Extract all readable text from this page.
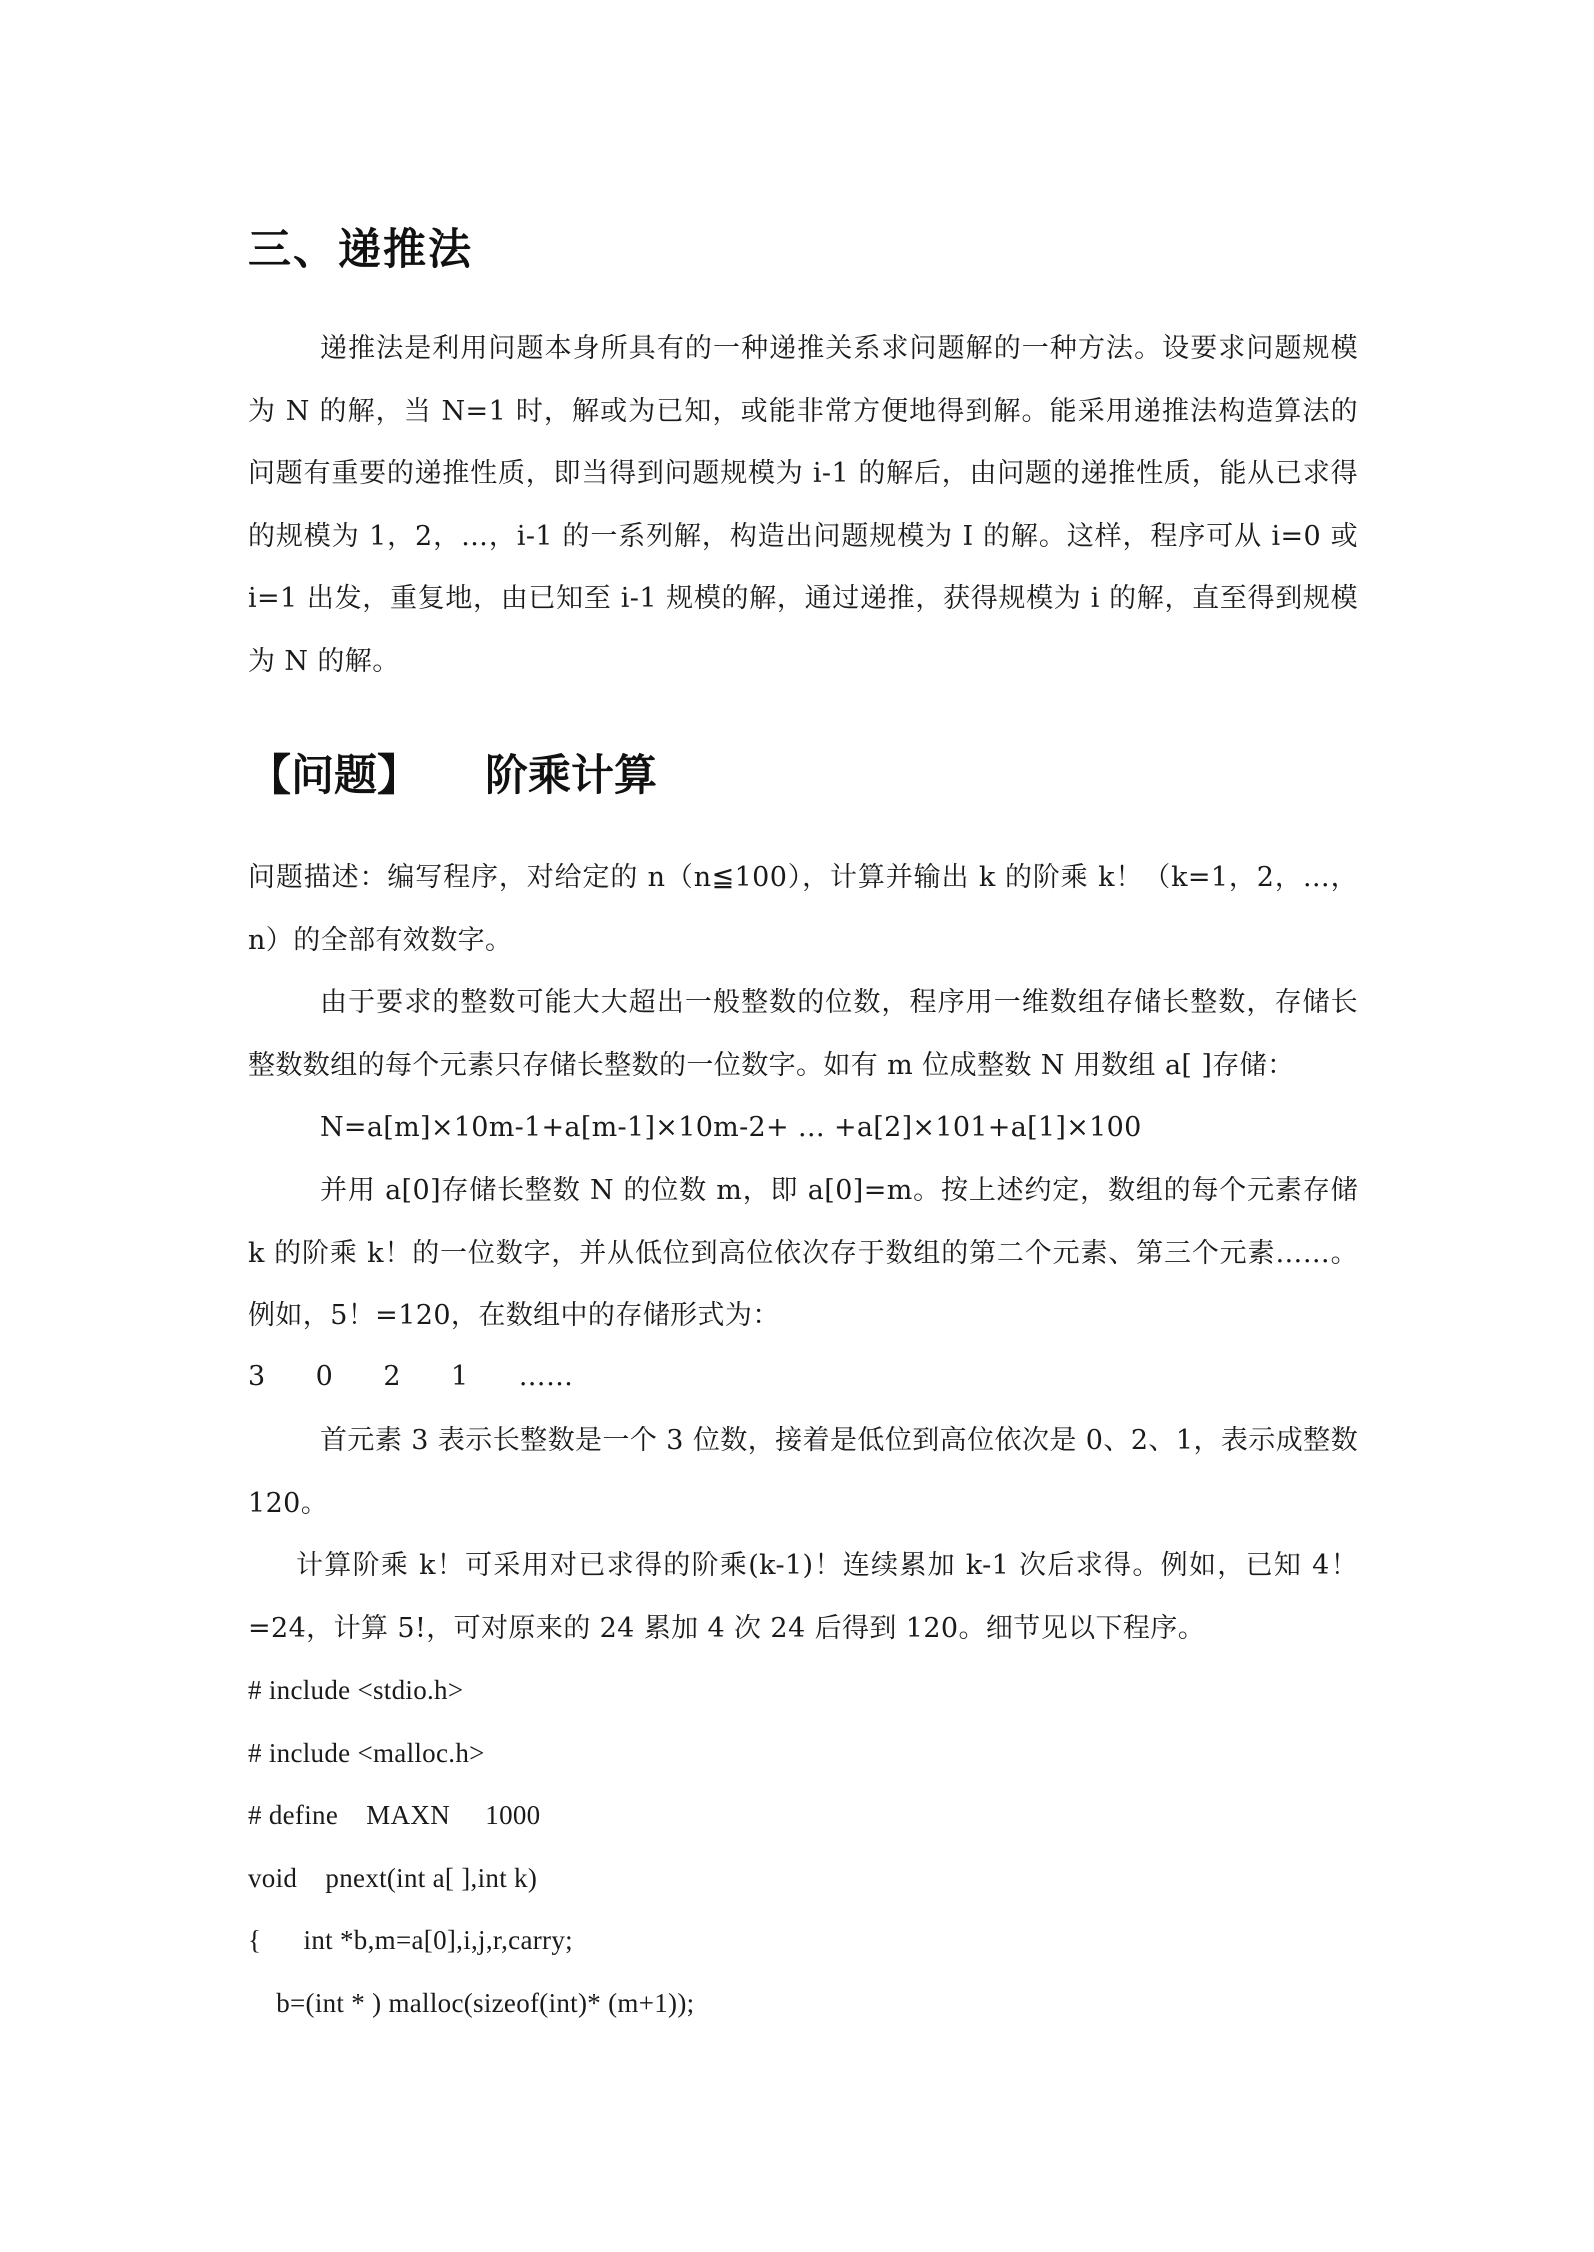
三、递推法
递推法是利用问题本身所具有的一种递推关系求问题解的一种方法。设要求问题规模为 N 的解，当 N=1 时，解或为已知，或能非常方便地得到解。能采用递推法构造算法的问题有重要的递推性质，即当得到问题规模为 i-1 的解后，由问题的递推性质，能从已求得的规模为 1，2，…，i-1 的一系列解，构造出问题规模为 I 的解。这样，程序可从 i=0 或 i=1 出发，重复地，由已知至 i-1 规模的解，通过递推，获得规模为 i 的解，直至得到规模为 N 的解。
【问题】 阶乘计算
问题描述：编写程序，对给定的 n（n≦100），计算并输出 k 的阶乘 k！（k=1，2，…，n）的全部有效数字。
由于要求的整数可能大大超出一般整数的位数，程序用一维数组存储长整数，存储长整数数组的每个元素只存储长整数的一位数字。如有 m 位成整数 N 用数组 a[ ]存储：
N=a[m]×10m-1+a[m-1]×10m-2+ … +a[2]×101+a[1]×100
并用 a[0]存储长整数 N 的位数 m，即 a[0]=m。按上述约定，数组的每个元素存储 k 的阶乘 k！的一位数字，并从低位到高位依次存于数组的第二个元素、第三个元素……。例如，5！=120，在数组中的存储形式为：
3　 0　 2　 1　 ……
首元素 3 表示长整数是一个 3 位数，接着是低位到高位依次是 0、2、1，表示成整数 120。
计算阶乘 k！可采用对已求得的阶乘(k-1)！连续累加 k-1 次后求得。例如，已知 4！=24，计算 5!，可对原来的 24 累加 4 次 24 后得到 120。细节见以下程序。
# include <stdio.h>
# include <malloc.h>
# define    MAXN     1000
void    pnext(int a[ ],int k)
{      int *b,m=a[0],i,j,r,carry;
b=(int * ) malloc(sizeof(int)* (m+1));
